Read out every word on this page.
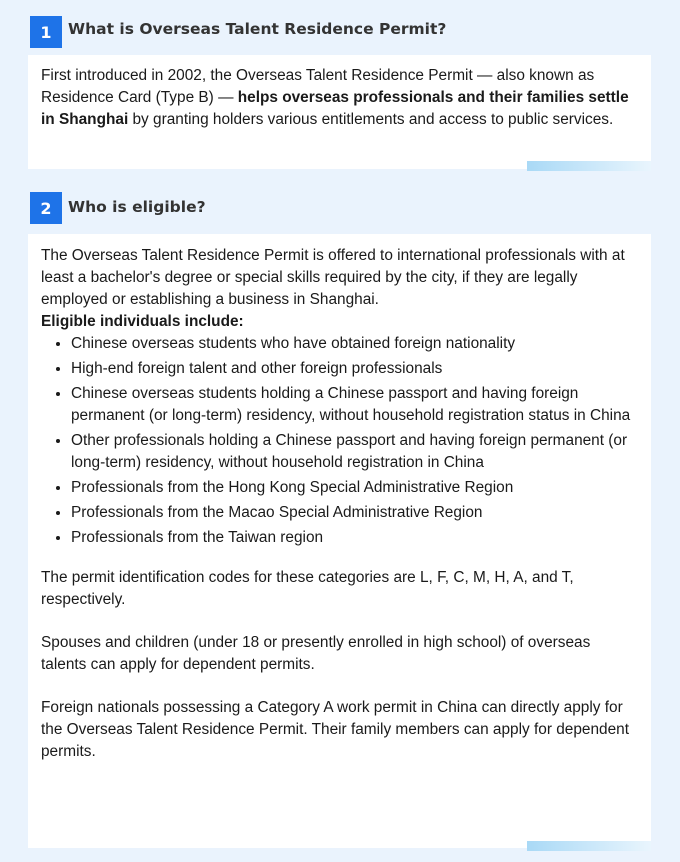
1	What is Overseas Talent Residence Permit?

First introduced in 2002, the Overseas Talent Residence Permit — also known as Residence Card (Type B) — helps overseas professionals and their families settle in Shanghai by granting holders various entitlements and access to public services.

2	Who is eligible?

The Overseas Talent Residence Permit is offered to international professionals with at least a bachelor's degree or special skills required by the city, if they are legally employed or establishing a business in Shanghai.

Eligible individuals include:

• Chinese overseas students who have obtained foreign nationality
• High-end foreign talent and other foreign professionals
• Chinese overseas students holding a Chinese passport and having foreign permanent (or long-term) residency, without household registration status in China
• Other professionals holding a Chinese passport and having foreign permanent (or long-term) residency, without household registration in China
• Professionals from the Hong Kong Special Administrative Region
• Professionals from the Macao Special Administrative Region
• Professionals from the Taiwan region

The permit identification codes for these categories are L, F, C, M, H, A, and T, respectively.

Spouses and children (under 18 or presently enrolled in high school) of overseas talents can apply for dependent permits.

Foreign nationals possessing a Category A work permit in China can directly apply for the Overseas Talent Residence Permit. Their family members can apply for dependent permits.
